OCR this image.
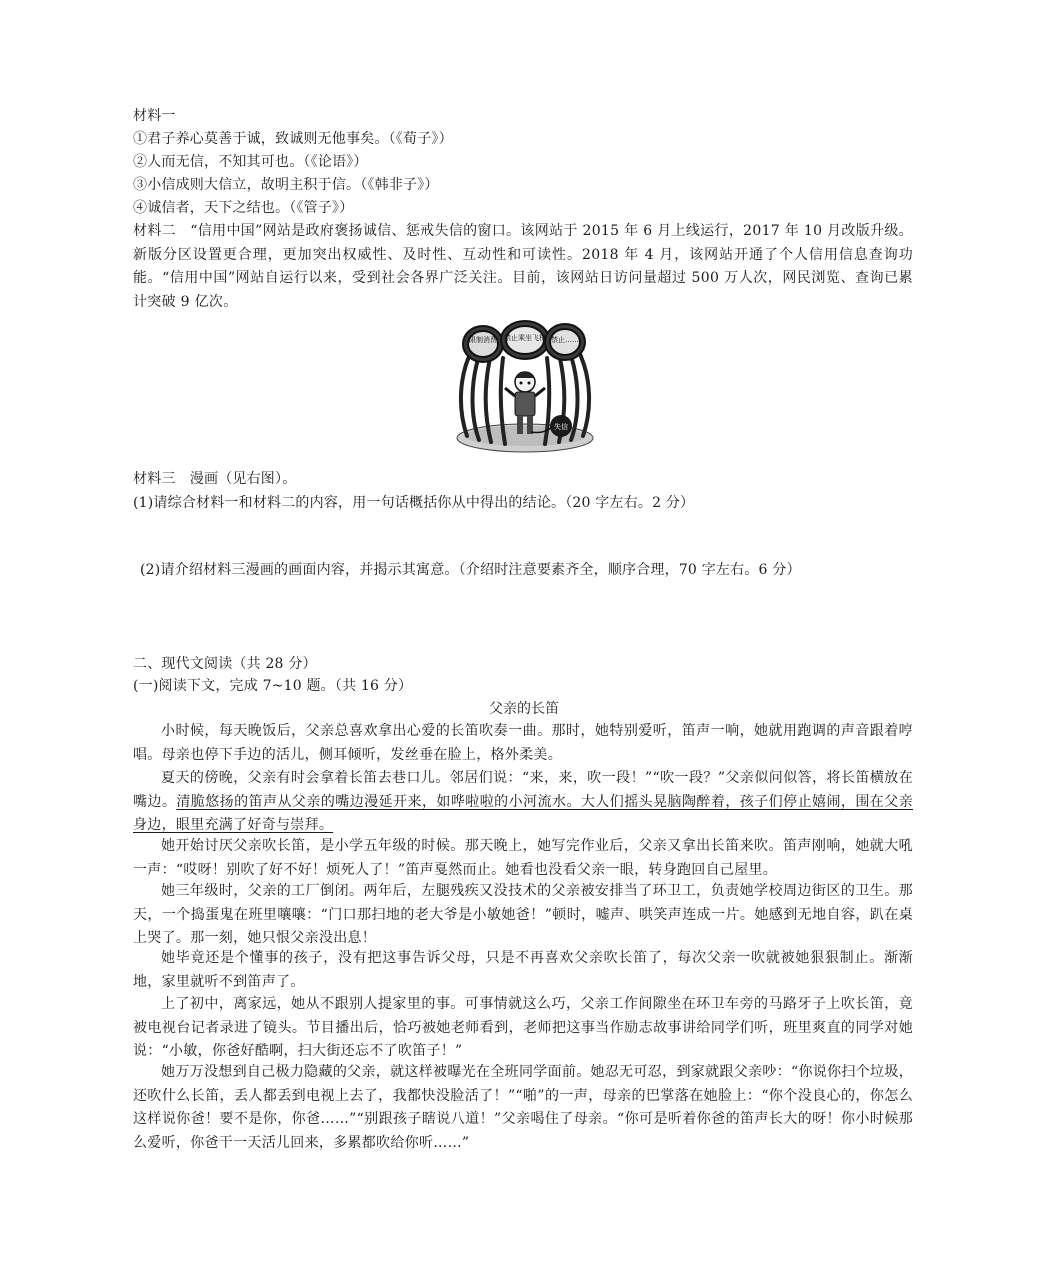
材料一
①君子养心莫善于诚，致诚则无他事矣。（《荀子》）
②人而无信，不知其可也。（《论语》）
③小信成则大信立，故明主积于信。（《韩非子》）
④诚信者，天下之结也。（《管子》）
材料二　“信用中国”网站是政府褒扬诚信、惩戒失信的窗口。该网站于 2015 年 6 月上线运行，2017 年 10 月改版升级。新版分区设置更合理，更加突出权威性、及时性、互动性和可读性。2018 年 4 月，该网站开通了个人信用信息查询功能。“信用中国”网站自运行以来，受到社会各界广泛关注。目前，该网站日访问量超过 500 万人次，网民浏览、查询已累计突破 9 亿次。
限制消费 禁止乘坐飞机 禁止……
失信
材料三　漫画（见右图）。
(1)请综合材料一和材料二的内容，用一句话概括你从中得出的结论。（20 字左右。2 分）
(2)请介绍材料三漫画的画面内容，并揭示其寓意。（介绍时注意要素齐全，顺序合理，70 字左右。6 分）
二、现代文阅读（共 28 分）
(一)阅读下文，完成 7~10 题。（共 16 分）
父亲的长笛
小时候，每天晚饭后，父亲总喜欢拿出心爱的长笛吹奏一曲。那时，她特别爱听，笛声一响，她就用跑调的声音跟着哼唱。母亲也停下手边的活儿，侧耳倾听，发丝垂在脸上，格外柔美。
夏天的傍晚，父亲有时会拿着长笛去巷口儿。邻居们说：“来，来，吹一段！”“吹一段？”父亲似问似答，将长笛横放在嘴边。清脆悠扬的笛声从父亲的嘴边漫延开来，如哗啦啦的小河流水。大人们摇头晃脑陶醉着，孩子们停止嬉闹，围在父亲身边，眼里充满了好奇与崇拜。
她开始讨厌父亲吹长笛，是小学五年级的时候。那天晚上，她写完作业后，父亲又拿出长笛来吹。笛声刚响，她就大吼一声：“哎呀！别吹了好不好！烦死人了！”笛声戛然而止。她看也没看父亲一眼，转身跑回自己屋里。
她三年级时，父亲的工厂倒闭。两年后，左腿残疾又没技术的父亲被安排当了环卫工，负责她学校周边街区的卫生。那天，一个捣蛋鬼在班里嚷嚷：“门口那扫地的老大爷是小敏她爸！”顿时，嘘声、哄笑声连成一片。她感到无地自容，趴在桌上哭了。那一刻，她只恨父亲没出息！
她毕竟还是个懂事的孩子，没有把这事告诉父母，只是不再喜欢父亲吹长笛了，每次父亲一吹就被她狠狠制止。渐渐地，家里就听不到笛声了。
上了初中，离家远，她从不跟别人提家里的事。可事情就这么巧，父亲工作间隙坐在环卫车旁的马路牙子上吹长笛，竟被电视台记者录进了镜头。节目播出后，恰巧被她老师看到，老师把这事当作励志故事讲给同学们听，班里爽直的同学对她说：“小敏，你爸好酷啊，扫大街还忘不了吹笛子！”
她万万没想到自己极力隐藏的父亲，就这样被曝光在全班同学面前。她忍无可忍，到家就跟父亲吵：“你说你扫个垃圾，还吹什么长笛，丢人都丢到电视上去了，我都快没脸活了！”“啪”的一声，母亲的巴掌落在她脸上：“你个没良心的，你怎么这样说你爸！要不是你，你爸……”“别跟孩子瞎说八道！”父亲喝住了母亲。“你可是听着你爸的笛声长大的呀！你小时候那么爱听，你爸干一天活儿回来，多累都吹给你听……”
